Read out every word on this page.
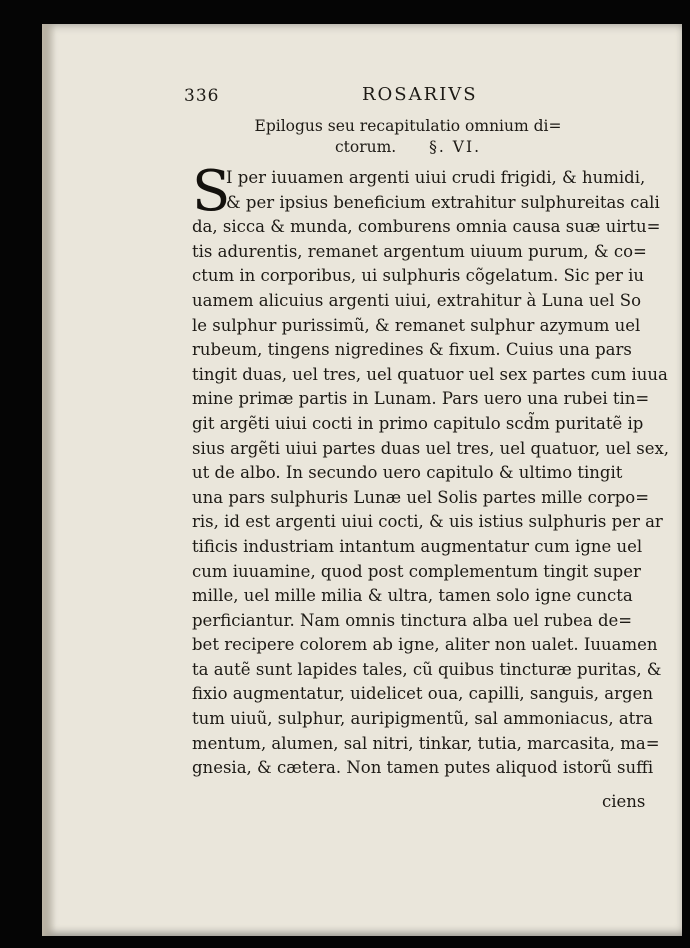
336	ROSARIVS
Epilogus seu recapitulatio omnium di=
ctorum. §. VI.
S
I per iuuamen argenti uiui crudi frigidi, & humidi,
& per ipsius beneficium extrahitur sulphureitas cali
da, sicca & munda, comburens omnia causa suæ uirtu=
tis adurentis, remanet argentum uiuum purum, & co=
ctum in corporibus, ui sulphuris cõgelatum. Sic per iu
uamem alicuius argenti uiui, extrahitur à Luna uel So
le sulphur purissimũ, & remanet sulphur azymum uel
rubeum, tingens nigredines & fixum. Cuius una pars
tingit duas, uel tres, uel quatuor uel sex partes cum iuua
mine primæ partis in Lunam. Pars uero una rubei tin=
git argẽti uiui cocti in primo capitulo scd̃m puritatẽ ip
sius argẽti uiui partes duas uel tres, uel quatuor, uel sex,
ut de albo. In secundo uero capitulo & ultimo tingit
una pars sulphuris Lunæ uel Solis partes mille corpo=
ris, id est argenti uiui cocti, & uis istius sulphuris per ar
tificis industriam intantum augmentatur cum igne uel
cum iuuamine, quod post complementum tingit super
mille, uel mille milia & ultra, tamen solo igne cuncta
perficiantur. Nam omnis tinctura alba uel rubea de=
bet recipere colorem ab igne, aliter non ualet. Iuuamen
ta autẽ sunt lapides tales, cũ quibus tincturæ puritas, &
fixio augmentatur, uidelicet oua, capilli, sanguis, argen
tum uiuũ, sulphur, auripigmentũ, sal ammoniacus, atra
mentum, alumen, sal nitri, tinkar, tutia, marcasita, ma=
gnesia, & cætera. Non tamen putes aliquod istorũ suffi
ciens
